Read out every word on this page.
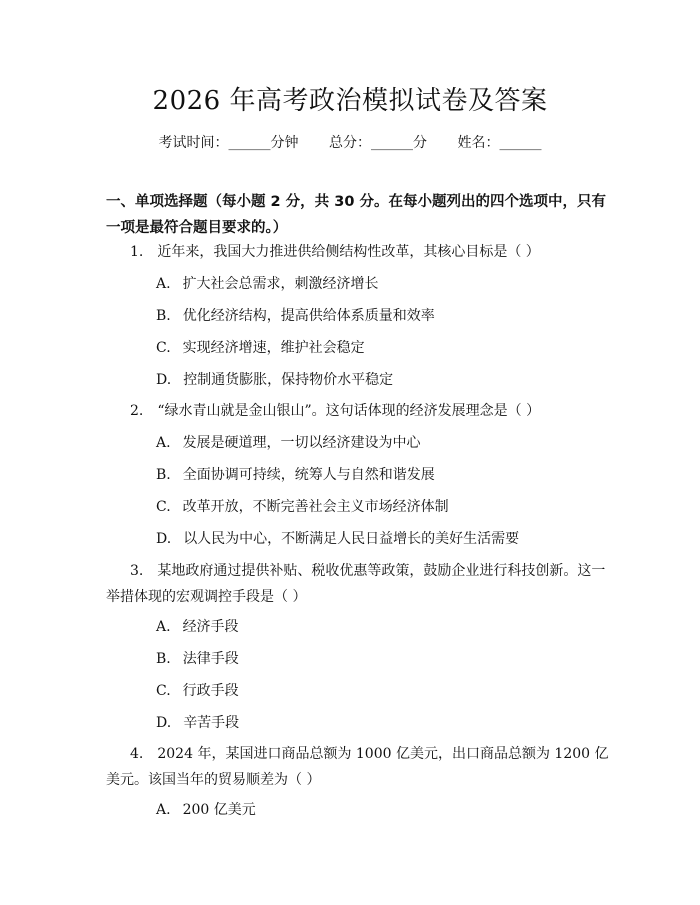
2026 年高考政治模拟试卷及答案
考试时间：______分钟 总分：______分 姓名：______
一、单项选择题（每小题 2 分，共 30 分。在每小题列出的四个选项中，只有一项是最符合题目要求的。）
1. 近年来，我国大力推进供给侧结构性改革，其核心目标是（ ）
A. 扩大社会总需求，刺激经济增长
B. 优化经济结构，提高供给体系质量和效率
C. 实现经济增速，维护社会稳定
D. 控制通货膨胀，保持物价水平稳定
2. “绿水青山就是金山银山”。这句话体现的经济发展理念是（ ）
A. 发展是硬道理，一切以经济建设为中心
B. 全面协调可持续，统筹人与自然和谐发展
C. 改革开放，不断完善社会主义市场经济体制
D. 以人民为中心，不断满足人民日益增长的美好生活需要
3. 某地政府通过提供补贴、税收优惠等政策，鼓励企业进行科技创新。这一举措体现的宏观调控手段是（ ）
A. 经济手段
B. 法律手段
C. 行政手段
D. 辛苦手段
4. 2024 年，某国进口商品总额为 1000 亿美元，出口商品总额为 1200 亿美元。该国当年的贸易顺差为（ ）
A. 200 亿美元
